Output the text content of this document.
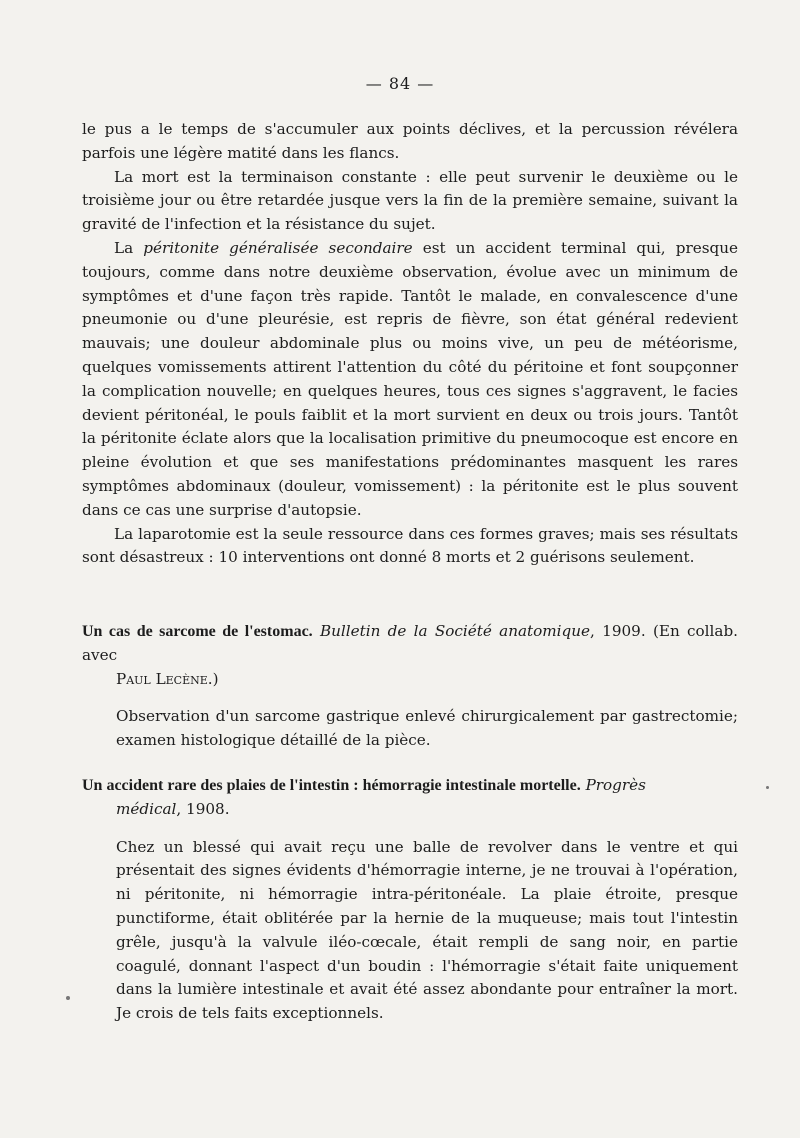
— 84 —

le pus a le temps de s'accumuler aux points déclives, et la percussion révélera parfois une légère matité dans les flancs.

La mort est la terminaison constante : elle peut survenir le deuxième ou le troisième jour ou être retardée jusque vers la fin de la première semaine, suivant la gravité de l'infection et la résistance du sujet.

La péritonite généralisée secondaire est un accident terminal qui, presque toujours, comme dans notre deuxième observation, évolue avec un minimum de symptômes et d'une façon très rapide. Tantôt le malade, en convalescence d'une pneumonie ou d'une pleurésie, est repris de fièvre, son état général redevient mauvais; une douleur abdominale plus ou moins vive, un peu de météorisme, quelques vomissements attirent l'attention du côté du péritoine et font soupçonner la complication nouvelle; en quelques heures, tous ces signes s'aggravent, le facies devient péritonéal, le pouls faiblit et la mort survient en deux ou trois jours. Tantôt la péritonite éclate alors que la localisation primitive du pneumocoque est encore en pleine évolution et que ses manifestations prédominantes masquent les rares symptômes abdominaux (douleur, vomissement) : la péritonite est le plus souvent dans ce cas une surprise d'autopsie.

La laparotomie est la seule ressource dans ces formes graves; mais ses résultats sont désastreux : 10 interventions ont donné 8 morts et 2 guérisons seulement.

Un cas de sarcome de l'estomac. Bulletin de la Société anatomique, 1909. (En collab. avec

Paul Lecène.)

Observation d'un sarcome gastrique enlevé chirurgicalement par gastrectomie; examen histologique détaillé de la pièce.

Un accident rare des plaies de l'intestin : hémorragie intestinale mortelle. Progrès

médical, 1908.

Chez un blessé qui avait reçu une balle de revolver dans le ventre et qui présentait des signes évidents d'hémorragie interne, je ne trouvai à l'opération, ni péritonite, ni hémorragie intra-péritonéale. La plaie étroite, presque punctiforme, était oblitérée par la hernie de la muqueuse; mais tout l'intestin grêle, jusqu'à la valvule iléo-cœcale, était rempli de sang noir, en partie coagulé, donnant l'aspect d'un boudin : l'hémorragie s'était faite uniquement dans la lumière intestinale et avait été assez abondante pour entraîner la mort. Je crois de tels faits exceptionnels.
